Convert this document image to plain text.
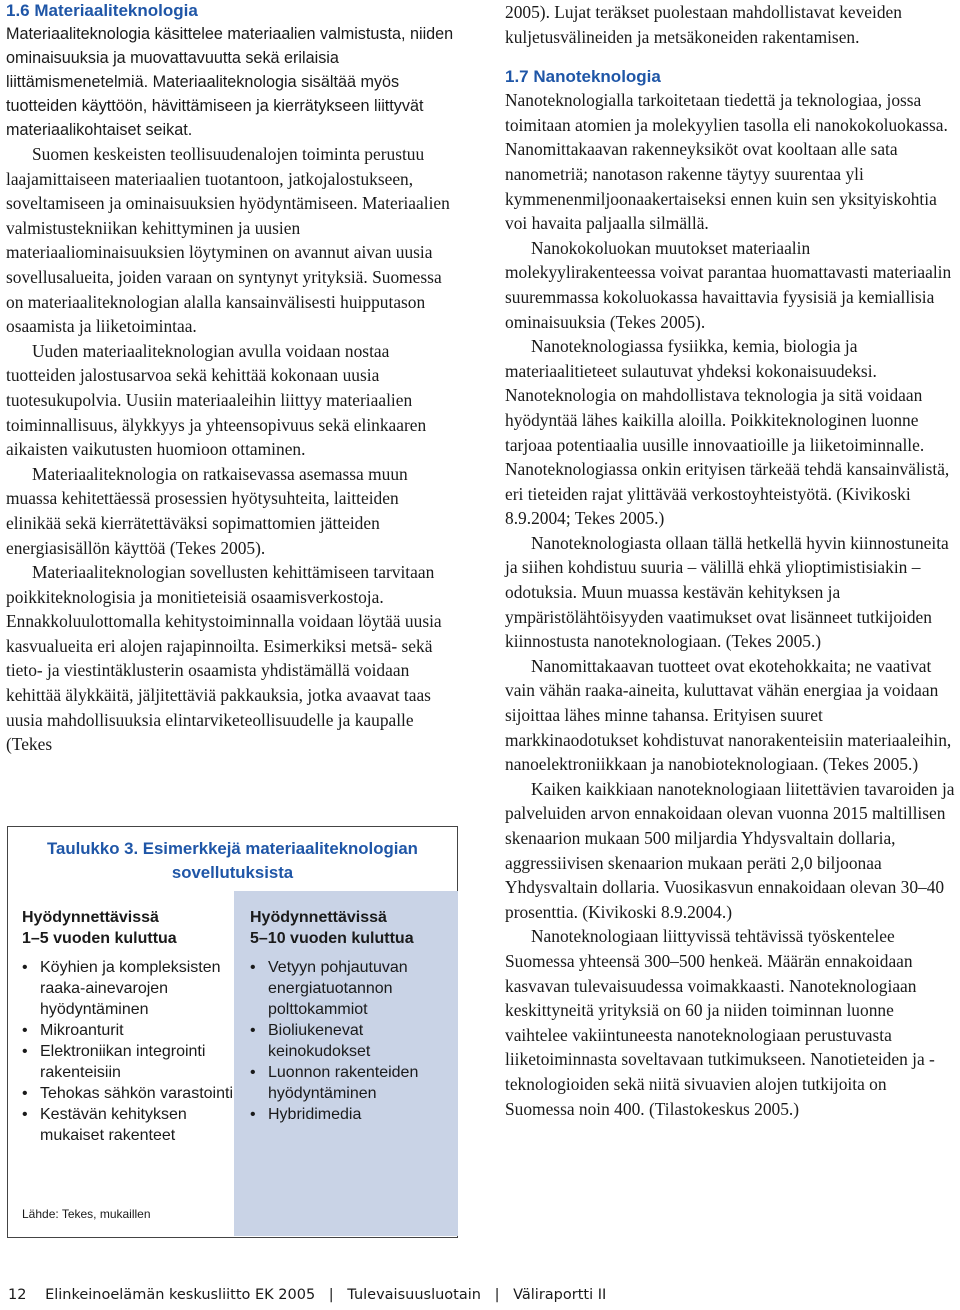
1.6 Materiaaliteknologia

Materiaaliteknologia käsittelee materiaalien valmistusta, niiden ominaisuuksia ja muovattavuutta sekä erilaisia liittämismenetelmiä. Materiaaliteknologia sisältää myös tuotteiden käyttöön, hävittämiseen ja kierrätykseen liittyvät materiaalikohtaiset seikat.

Suomen keskeisten teollisuudenalojen toiminta perustuu laajamittaiseen materiaalien tuotantoon, jatkojalostukseen, soveltamiseen ja ominaisuuksien hyödyntämiseen. Materiaalien valmistustekniikan kehittyminen ja uusien materiaaliominaisuuksien löytyminen on avannut aivan uusia sovellusalueita, joiden varaan on syntynyt yrityksiä. Suomessa on materiaaliteknologian alalla kansainvälisesti huipputason osaamista ja liiketoimintaa.

Uuden materiaaliteknologian avulla voidaan nostaa tuotteiden jalostusarvoa sekä kehittää kokonaan uusia tuotesukupolvia. Uusiin materiaaleihin liittyy materiaalien toiminnallisuus, älykkyys ja yhteensopivuus sekä elinkaaren aikaisten vaikutusten huomioon ottaminen.

Materiaaliteknologia on ratkaisevassa asemassa muun muassa kehitettäessä prosessien hyötysuhteita, laitteiden elinikää sekä kierrätettäväksi sopimattomien jätteiden energiasisällön käyttöä (Tekes 2005).

Materiaaliteknologian sovellusten kehittämiseen tarvitaan poikkiteknologisia ja monitieteisiä osaamisverkostoja. Ennakkoluulottomalla kehitystoiminnalla voidaan löytää uusia kasvualueita eri alojen rajapinnoilta. Esimerkiksi metsä- sekä tieto- ja viestintäklusterin osaamista yhdistämällä voidaan kehittää älykkäitä, jäljitettäviä pakkauksia, jotka avaavat taas uusia mahdollisuuksia elintarviketeollisuudelle ja kaupalle (Tekes

Taulukko 3. Esimerkkejä materiaaliteknologian
sovellutuksista
Hyödynnettävissä
1–5 vuoden kuluttua
• Köyhien ja kompleksisten raaka-ainevarojen hyödyntäminen
• Mikroanturit
• Elektroniikan integrointi rakenteisiin
• Tehokas sähkön varastointi
• Kestävän kehityksen mukaiset rakenteet
Hyödynnettävissä
5–10 vuoden kuluttua
• Vetyyn pohjautuvan energiatuotannon polttokammiot
• Bioliukenevat keinokudokset
• Luonnon rakenteiden hyödyntäminen
• Hybridimedia
Lähde: Tekes, mukaillen

2005). Lujat teräkset puolestaan mahdollistavat keveiden kuljetusvälineiden ja metsäkoneiden rakentamisen.

1.7 Nanoteknologia

Nanoteknologialla tarkoitetaan tiedettä ja teknologiaa, jossa toimitaan atomien ja molekyylien tasolla eli nanokokoluokassa. Nanomittakaavan rakenneyksiköt ovat kooltaan alle sata nanometriä; nanotason rakenne täytyy suurentaa yli kymmenenmiljoonaakertaiseksi ennen kuin sen yksityiskohtia voi havaita paljaalla silmällä.

Nanokokoluokan muutokset materiaalin molekyylirakenteessa voivat parantaa huomattavasti materiaalin suuremmassa kokoluokassa havaittavia fyysisiä ja kemiallisia ominaisuuksia (Tekes 2005).

Nanoteknologiassa fysiikka, kemia, biologia ja materiaalitieteet sulautuvat yhdeksi kokonaisuudeksi. Nanoteknologia on mahdollistava teknologia ja sitä voidaan hyödyntää lähes kaikilla aloilla. Poikkiteknologinen luonne tarjoaa potentiaalia uusille innovaatioille ja liiketoiminnalle. Nanoteknologiassa onkin erityisen tärkeää tehdä kansainvälistä, eri tieteiden rajat ylittävää verkostoyhteistyötä. (Kivikoski 8.9.2004; Tekes 2005.)

Nanoteknologiasta ollaan tällä hetkellä hyvin kiinnostuneita ja siihen kohdistuu suuria – välillä ehkä ylioptimistisiakin – odotuksia. Muun muassa kestävän kehityksen ja ympäristölähtöisyyden vaatimukset ovat lisänneet tutkijoiden kiinnostusta nanoteknologiaan. (Tekes 2005.)

Nanomittakaavan tuotteet ovat ekotehokkaita; ne vaativat vain vähän raaka-aineita, kuluttavat vähän energiaa ja voidaan sijoittaa lähes minne tahansa. Erityisen suuret markkinaodotukset kohdistuvat nanorakenteisiin materiaaleihin, nanoelektroniikkaan ja nanobioteknologiaan. (Tekes 2005.)

Kaiken kaikkiaan nanoteknologiaan liitettävien tavaroiden ja palveluiden arvon ennakoidaan olevan vuonna 2015 maltillisen skenaarion mukaan 500 miljardia Yhdysvaltain dollaria, aggressiivisen skenaarion mukaan peräti 2,0 biljoonaa Yhdysvaltain dollaria. Vuosikasvun ennakoidaan olevan 30–40 prosenttia. (Kivikoski 8.9.2004.)

Nanoteknologiaan liittyvissä tehtävissä työskentelee Suomessa yhteensä 300–500 henkeä. Määrän ennakoidaan kasvavan tulevaisuudessa voimakkaasti. Nanoteknologiaan keskittyneitä yrityksiä on 60 ja niiden toiminnan luonne vaihtelee vakiintuneesta nanoteknologiaan perustuvasta liiketoiminnasta soveltavaan tutkimukseen. Nanotieteiden ja -teknologioiden sekä niitä sivuavien alojen tutkijoita on Suomessa noin 400. (Tilastokeskus 2005.)

12 Elinkeinoelämän keskusliitto EK 2005 | Tulevaisuusluotain | Väliraportti II
